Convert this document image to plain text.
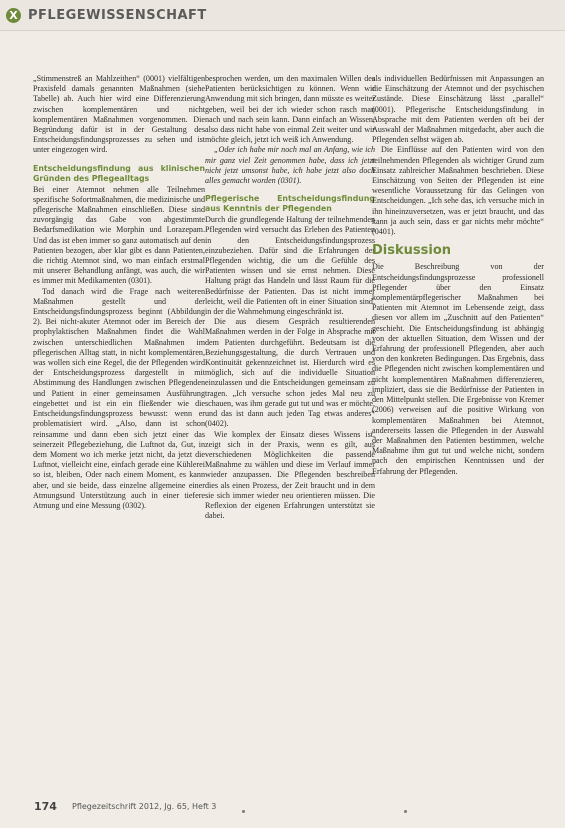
X PFLEGEWISSENSCHAFT

„Stimmenstreß an Mahlzeithen“ (0001) vielfältigen Praxisfeld damals genannten Maßnahmen (siehe Tabelle) ab. Auch hier wird eine Differenzierung zwischen komplementären und nicht komplementären Maßnahmen vorgenommen. Die Begründung dafür ist in der Gestaltung des Entscheidungsfindungsprozesses zu sehen und ist unter eingezogen wird.

Entscheidungsfindung aus klinischen Gründen des Pflegealltags

Bei einer Atemnot nehmen alle Teilnehmen spezifische Sofortmaßnahmen, die medizinische und pflegerische Maßnahmen einschließen. Diese sind zuvorgängig das Gabe von abgestimmte Bedarfsmedikation wie Morphin und Lorazepam. Und das ist eben immer so ganz automatisch auf den Patienten bezogen, aber klar gibt es dann Patienten, die richtig Atemnot sind, wo man einfach erstmal mit unserer Behandlung anfängt, was auch, die wir es immer mit Medikamenten (0301).

Tod danach wird die Frage nach weiteren Maßnahmen gestellt und der Entscheidungsfindungsprozess beginnt (Abbildung 2). Bei nicht-akuter Atemnot oder im Bereich der prophylaktischen Maßnahmen findet die Wahl zwischen unterschiedlichen Maßnahmen im pflegerischen Alltag statt, in nicht komplementären, was wollen sich eine Regel, die der Pflegenden wird der Entscheidungsprozess dargestellt in mit Abstimmung des Handlungen zwischen Pflegenden und Patient in einer gemeinsamen Ausführung eingebettet und ist ein ein fließender wie die Entscheidungsfindungsprozess bewusst: wenn er problematisiert wird. „Also, dann ist schon reinsamme und dann eben sich jetzt einer das seinerzeit Pflegebeziehung, die Luftnot da, Gut, in dem Moment wo ich merke jetzt nicht, da jetzt die Luftnot, vielleicht eine, einfach gerade eine Kühlerei so ist, bleiben, Oder nach einem Moment, es kann aber, und sie beide, dass einzelne allgemeine einer Atmungsund Unterstützung auch in einer tiefere Atmung und eine Messung (0302).

besprochen werden, um den maximalen Willen des Patienten berücksichtigen zu können. Wenn wir Anwendung mit sich bringen, dann müsste es weiter geben, weil bei der ich wieder schon rasch man nach und nach sein kann. Dann einfach an Wissen, also dass nicht habe von einmal Zeit weiter und wir möchte gleich, jetzt ich weiß ich Anwendung.

„Oder ich habe mir noch mal an Anfang, wie ich mir ganz viel Zeit genommen habe, dass ich jetzt nicht jetzt umsonst habe, ich habe jetzt also doch alles gemacht worden (0301).

Pflegerische Entscheidungsfindung aus Kenntnis der Pflegenden

Durch die grundlegende Haltung der teilnehmenden Pflegenden wird versucht das Erleben des Patienten in den Entscheidungsfindungsprozess einzubeziehen. Dafür sind die Erfahrungen der Pflegenden wichtig, die um die Gefühle des Patienten wissen und sie ernst nehmen. Diese Haltung prägt das Handeln und lässt Raum für die Bedürfnisse der Patienten. Das ist nicht immer leicht, weil die Patienten oft in einer Situation sind, in der die Wahrnehmung eingeschränkt ist.

Die aus diesem Gespräch resultierenden Maßnahmen werden in der Folge in Absprache mit dem Patienten durchgeführt. Bedeutsam ist die Beziehungsgestaltung, die durch Vertrauen und Kontinuität gekennzeichnet ist. Hierdurch wird es möglich, sich auf die individuelle Situation einzulassen und die Entscheidungen gemeinsam zu tragen. „Ich versuche schon jedes Mal neu zu schauen, was ihm gerade gut tut und was er möchte, und das ist dann auch jeden Tag etwas anderes“ (0402).

Wie komplex der Einsatz dieses Wissens ist, zeigt sich in der Praxis, wenn es gilt, aus verschiedenen Möglichkeiten die passende Maßnahme zu wählen und diese im Verlauf immer wieder anzupassen. Die Pflegenden beschreiben dies als einen Prozess, der Zeit braucht und in dem sie sich immer wieder neu orientieren müssen. Die Reflexion der eigenen Erfahrungen unterstützt sie dabei.

als individuellen Bedürfnissen mit Anpassungen an die Einschätzung der Atemnot und der psychischen Zustände. Diese Einschätzung lässt „parallel“ (0001). Pflegerische Entscheidungsfindung in Absprache mit dem Patienten werden oft bei der Auswahl der Maßnahmen mitgedacht, aber auch die Pflegenden selbst wägen ab.

Die Einflüsse auf den Patienten wird von den teilnehmenden Pflegenden als wichtiger Grund zum Einsatz zahlreicher Maßnahmen beschrieben. Diese Einschätzung von Seiten der Pflegenden ist eine wesentliche Voraussetzung für das Gelingen von Entscheidungen. „Ich sehe das, ich versuche mich in ihn hineinzuversetzen, was er jetzt braucht, und das kann ja auch sein, dass er gar nichts mehr möchte“ (0401).

Diskussion

Die Beschreibung von der Entscheidungsfindungsprozesse professionell Pflegender über den Einsatz komplementärpflegerischer Maßnahmen bei Patienten mit Atemnot im Lebensende zeigt, dass diesen vor allem im „Zuschnitt auf den Patienten“ geschieht. Die Entscheidungsfindung ist abhängig von der aktuellen Situation, dem Wissen und der Erfahrung der professionell Pflegenden, aber auch von den konkreten Bedingungen. Das Ergebnis, dass die Pflegenden nicht zwischen komplementären und nicht komplementären Maßnahmen differenzieren, impliziert, dass sie die Bedürfnisse der Patienten in den Mittelpunkt stellen. Die Ergebnisse von Kremer (2006) verweisen auf die positive Wirkung von komplementären Maßnahmen bei Atemnot, andererseits lassen die Pflegenden in der Auswahl der Maßnahmen den Patienten bestimmen, welche Maßnahme ihm gut tut und welche nicht, sondern nach den empirischen Kenntnissen und der Erfahrung der Pflegenden.

174 Pflegezeitschrift 2012, Jg. 65, Heft 3
